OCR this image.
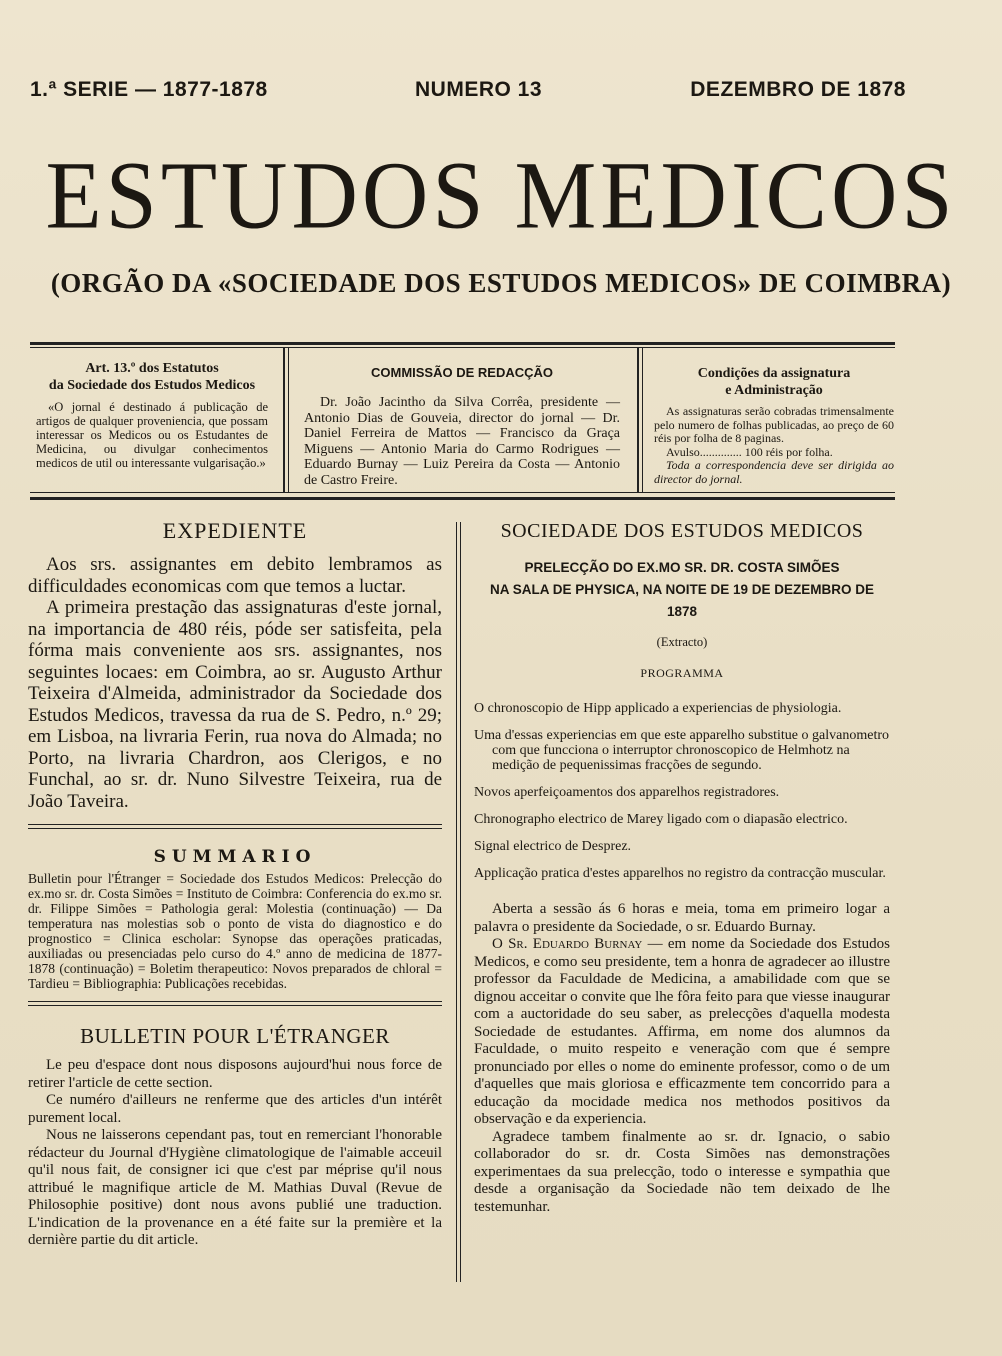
1.ª SERIE — 1877-1878	NUMERO 13	DEZEMBRO DE 1878
ESTUDOS MEDICOS
(ORGÃO DA «SOCIEDADE DOS ESTUDOS MEDICOS» DE COIMBRA)
Art. 13.º dos Estatutos
da Sociedade dos Estudos Medicos
«O jornal é destinado á publicação de artigos de qualquer proveniencia, que possam interessar os Medicos ou os Estudantes de Medicina, ou divulgar conhecimentos medicos de util ou interessante vulgarisação.»
COMMISSÃO DE REDACÇÃO
Dr. João Jacintho da Silva Corrêa, presidente — Antonio Dias de Gouveia, director do jornal — Dr. Daniel Ferreira de Mattos — Francisco da Graça Miguens — Antonio Maria do Carmo Rodrigues — Eduardo Burnay — Luiz Pereira da Costa — Antonio de Castro Freire.
Condições da assignatura
e Administração
As assignaturas serão cobradas trimensalmente pelo numero de folhas publicadas, ao preço de 60 réis por folha de 8 paginas.
Avulso.............. 100 réis por folha.
Toda a correspondencia deve ser dirigida ao director do jornal.
EXPEDIENTE
Aos srs. assignantes em debito lembramos as difficuldades economicas com que temos a luctar.
A primeira prestação das assignaturas d'este jornal, na importancia de 480 réis, póde ser satisfeita, pela fórma mais conveniente aos srs. assignantes, nos seguintes locaes: em Coimbra, ao sr. Augusto Arthur Teixeira d'Almeida, administrador da Sociedade dos Estudos Medicos, travessa da rua de S. Pedro, n.º 29; em Lisboa, na livraria Ferin, rua nova do Almada; no Porto, na livraria Chardron, aos Clerigos, e no Funchal, ao sr. dr. Nuno Silvestre Teixeira, rua de João Taveira.
SUMMARIO
Bulletin pour l'Étranger = Sociedade dos Estudos Medicos: Prelecção do ex.mo sr. dr. Costa Simões = Instituto de Coimbra: Conferencia do ex.mo sr. dr. Filippe Simões = Pathologia geral: Molestia (continuação) — Da temperatura nas molestias sob o ponto de vista do diagnostico e do prognostico = Clinica escholar: Synopse das operações praticadas, auxiliadas ou presenciadas pelo curso do 4.º anno de medicina de 1877-1878 (continuação) = Boletim therapeutico: Novos preparados de chloral = Tardieu = Bibliographia: Publicações recebidas.
BULLETIN POUR L'ÉTRANGER
Le peu d'espace dont nous disposons aujourd'hui nous force de retirer l'article de cette section.
Ce numéro d'ailleurs ne renferme que des articles d'un intérêt purement local.
Nous ne laisserons cependant pas, tout en remerciant l'honorable rédacteur du Journal d'Hygiène climatologique de l'aimable acceuil qu'il nous fait, de consigner ici que c'est par méprise qu'il nous attribué le magnifique article de M. Mathias Duval (Revue de Philosophie positive) dont nous avons publié une traduction. L'indication de la provenance en a été faite sur la première et la dernière partie du dit article.
SOCIEDADE DOS ESTUDOS MEDICOS
PRELECÇÃO DO EX.MO SR. DR. COSTA SIMÕES
NA SALA DE PHYSICA, NA NOITE DE 19 DE DEZEMBRO DE 1878
(Extracto)
PROGRAMMA

O chronoscopio de Hipp applicado a experiencias de physiologia.

Uma d'essas experiencias em que este apparelho substitue o galvanometro com que funcciona o interruptor chronoscopico de Helmhotz na medição de pequenissimas fracções de segundo.

Novos aperfeiçoamentos dos apparelhos registradores.

Chronographo electrico de Marey ligado com o diapasão electrico.

Signal electrico de Desprez.

Applicação pratica d'estes apparelhos no registro da contracção muscular.

Aberta a sessão ás 6 horas e meia, toma em primeiro logar a palavra o presidente da Sociedade, o sr. Eduardo Burnay.
O Sr. Eduardo Burnay — em nome da Sociedade dos Estudos Medicos, e como seu presidente, tem a honra de agradecer ao illustre professor da Faculdade de Medicina, a amabilidade com que se dignou acceitar o convite que lhe fôra feito para que viesse inaugurar com a auctoridade do seu saber, as prelecções d'aquella modesta Sociedade de estudantes. Affirma, em nome dos alumnos da Faculdade, o muito respeito e veneração com que é sempre pronunciado por elles o nome do eminente professor, como o de um d'aquelles que mais gloriosa e efficazmente tem concorrido para a educação da mocidade medica nos methodos positivos da observação e da experiencia.
Agradece tambem finalmente ao sr. dr. Ignacio, o sabio collaborador do sr. dr. Costa Simões nas demonstrações experimentaes da sua prelecção, todo o interesse e sympathia que desde a organisação da Sociedade não tem deixado de lhe testemunhar.
